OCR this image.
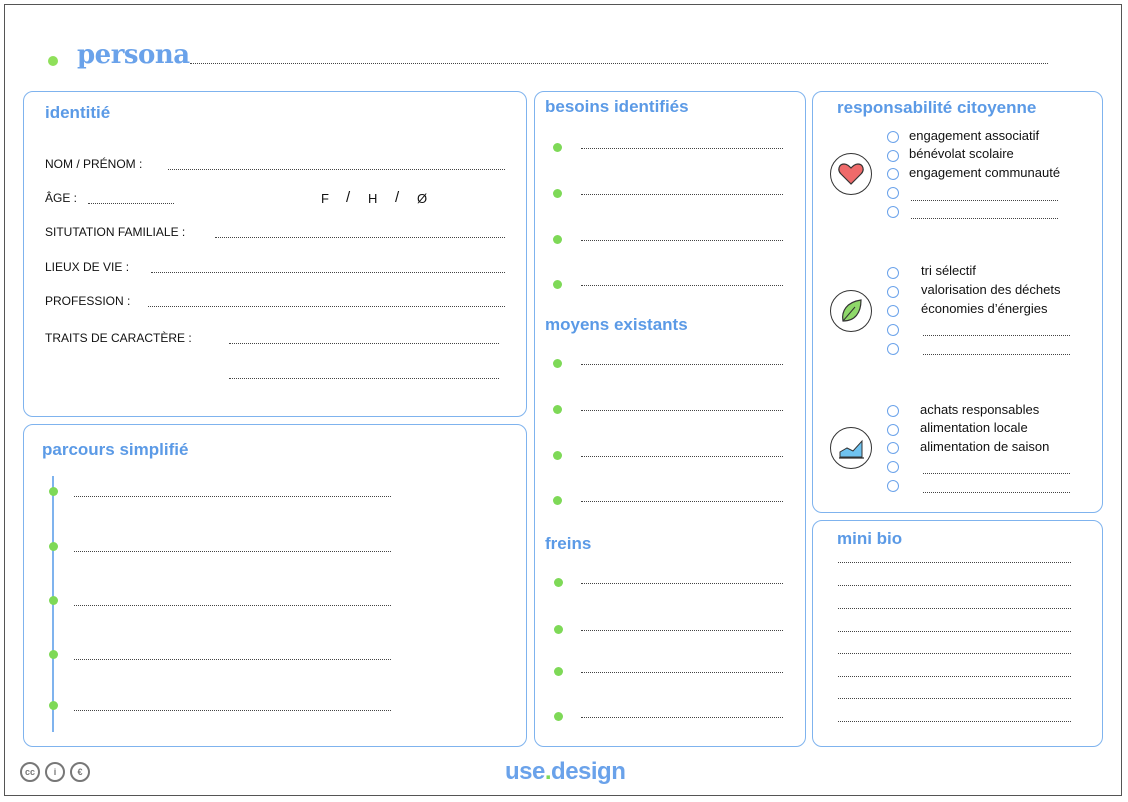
persona
identitié
NOM / PRÉNOM :
ÂGE :	F / H / Ø
SITUTATION FAMILIALE :
LIEUX DE VIE :
PROFESSION :
TRAITS DE CARACTÈRE :
parcours simplifié
besoins identifiés
moyens existants
freins
responsabilité citoyenne
engagement associatif
bénévolat scolaire
engagement communauté
tri sélectif
valorisation des déchets
économies d’énergies
achats responsables
alimentation locale
alimentation de saison
mini bio
cc	i	€	use.design
